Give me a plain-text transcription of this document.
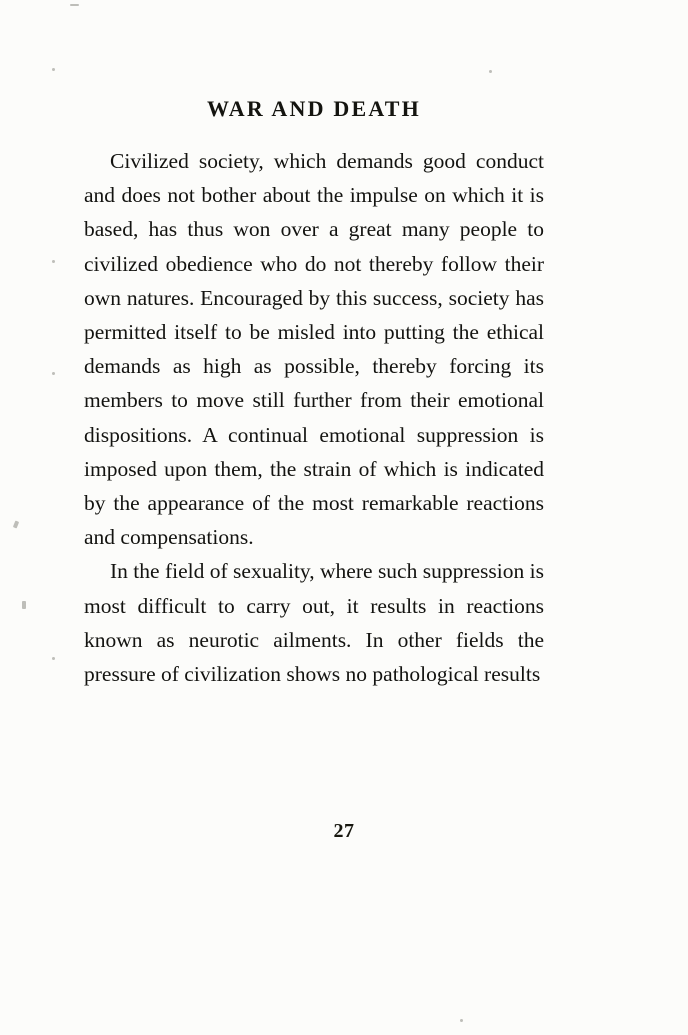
WAR AND DEATH

Civilized society, which demands good conduct and does not bother about the impulse on which it is based, has thus won over a great many people to civilized obedience who do not thereby follow their own natures. Encouraged by this success, society has permitted itself to be misled into putting the ethical demands as high as possible, thereby forcing its members to move still further from their emotional dispositions. A continual emotional suppression is imposed upon them, the strain of which is indicated by the appearance of the most remarkable reactions and compensations.

In the field of sexuality, where such suppression is most difficult to carry out, it results in reactions known as neurotic ailments. In other fields the pressure of civilization shows no pathological results

27
